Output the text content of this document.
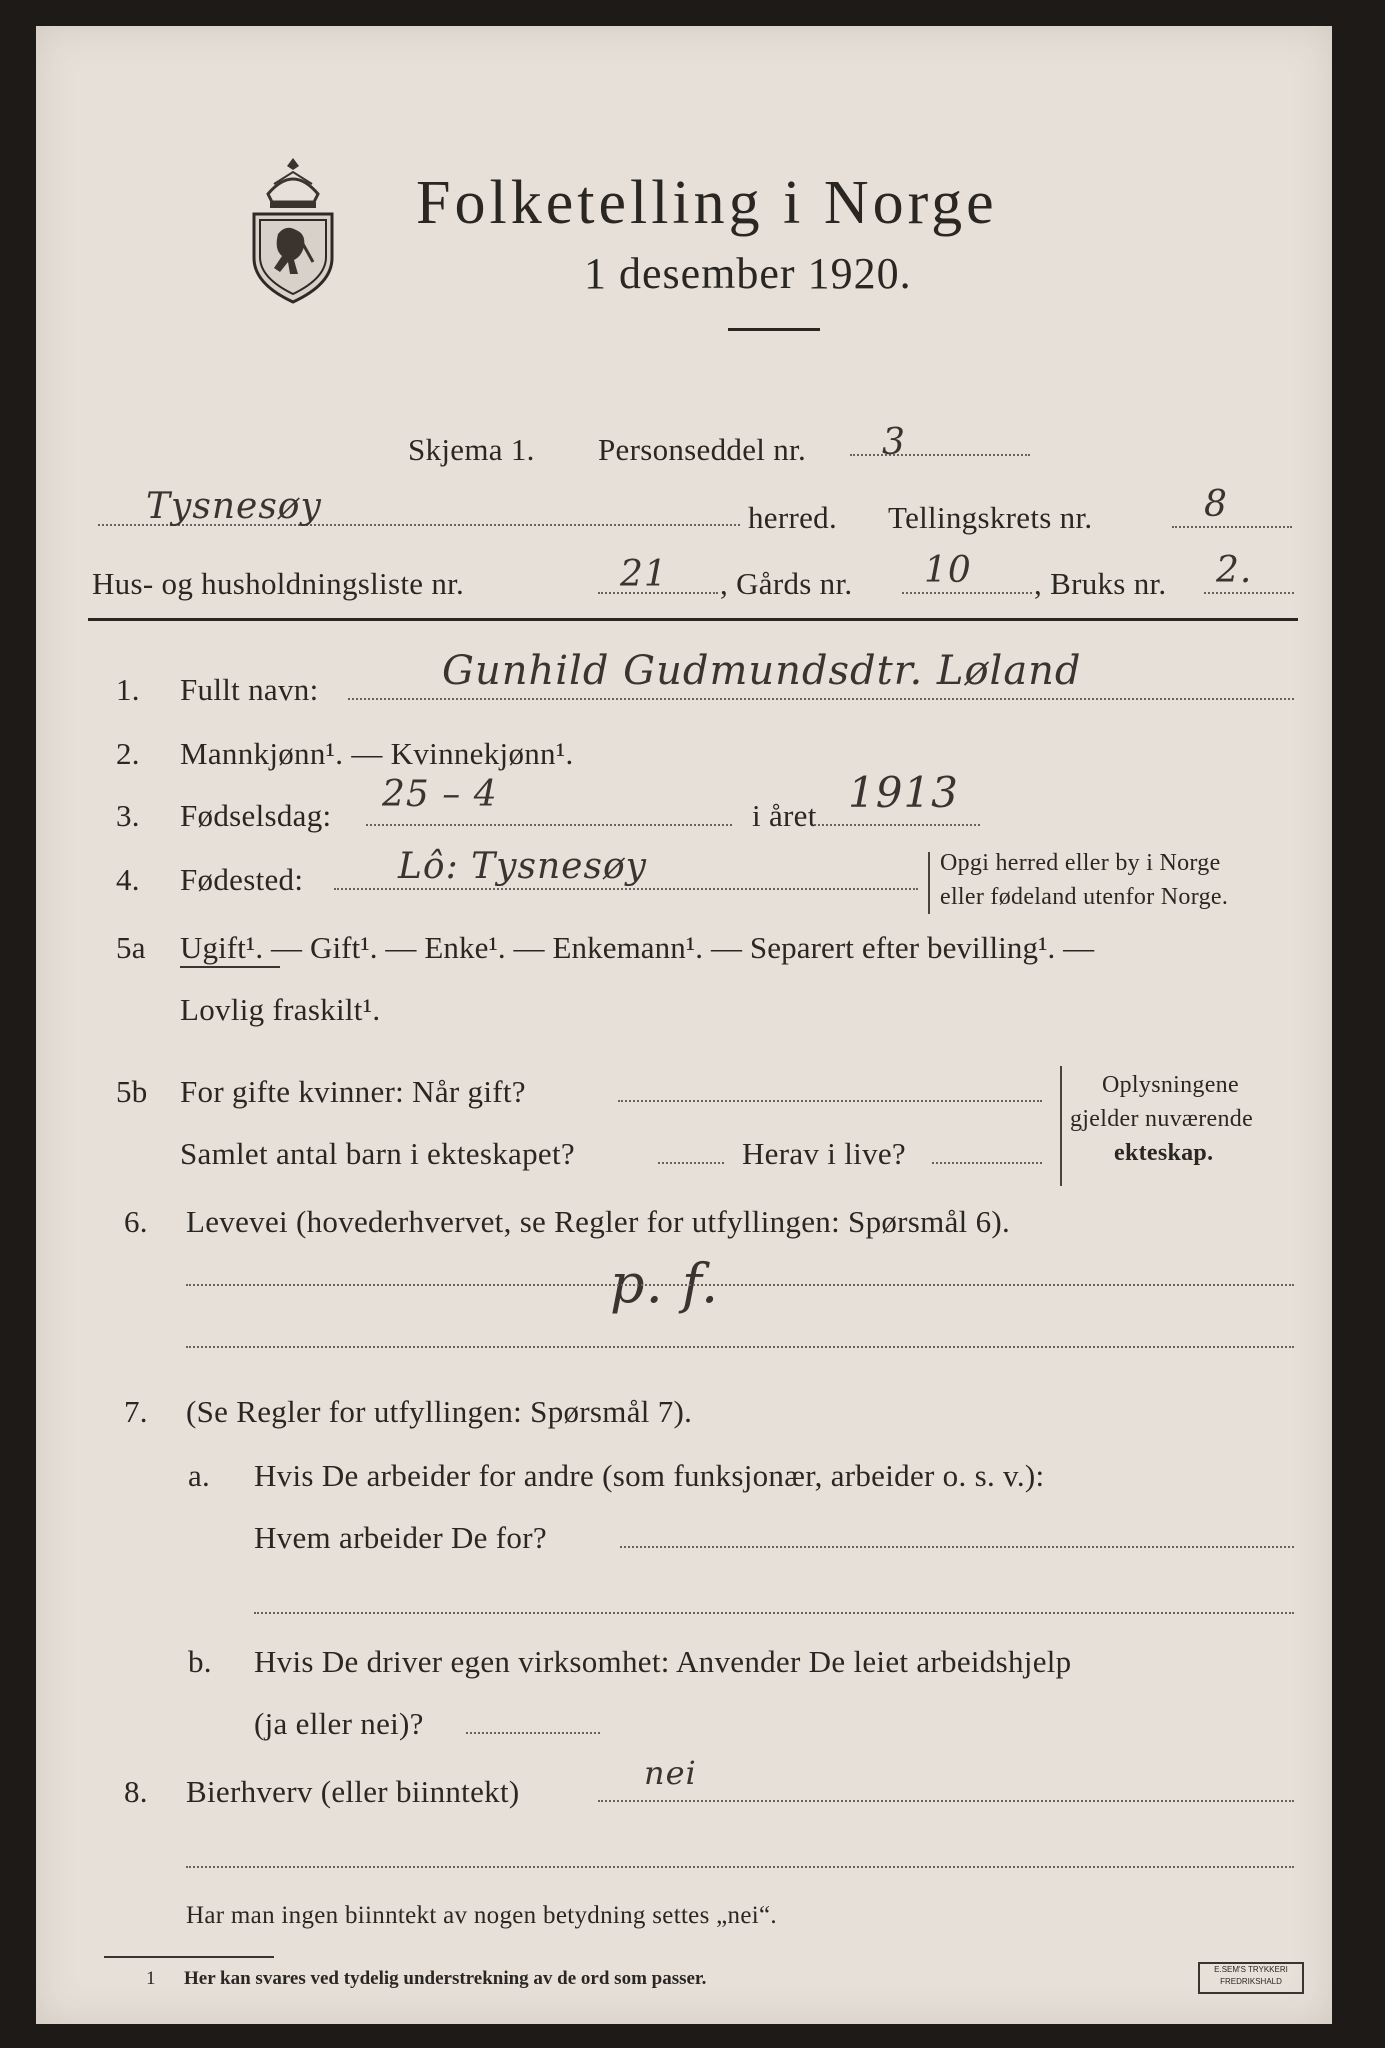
Folketelling i Norge
1 desember 1920.
Skjema 1. Personseddel nr. 3
Tysnesøy	herred. Tellingskrets nr.	8
Hus- og husholdningsliste nr.	21 , Gårds nr. 10 , Bruks nr. 2.
1. Fullt navn:	Gunhild Gudmundsdtr. Løland
2. Mannkjønn¹. — Kvinnekjønn¹.
3. Fødselsdag:
25 – 4
i året 1913
4. Fødested:	Lô: Tysnesøy	Opgi herred eller by i Norge
eller fødeland utenfor Norge.
5a Ugift¹. — Gift¹. — Enke¹. — Enkemann¹. — Separert efter bevilling¹. —
Lovlig fraskilt¹.
5b For gifte kvinner: Når gift?
Samlet antal barn i ekteskapet?	Herav i live?
Oplysningene
gjelder nuværende
ekteskap.
6. Levevei (hovederhvervet, se Regler for utfyllingen: Spørsmål 6).
p. f.
7. (Se Regler for utfyllingen: Spørsmål 7).
a. Hvis De arbeider for andre (som funksjonær, arbeider o. s. v.):
Hvem arbeider De for?
b. Hvis De driver egen virksomhet: Anvender De leiet arbeidshjelp
(ja eller nei)?
8. Bierhverv (eller biinntekt)	nei
Har man ingen biinntekt av nogen betydning settes „nei“.
1 Her kan svares ved tydelig understrekning av de ord som passer.	E.SEM'S TRYKKERI
FREDRIKSHALD
